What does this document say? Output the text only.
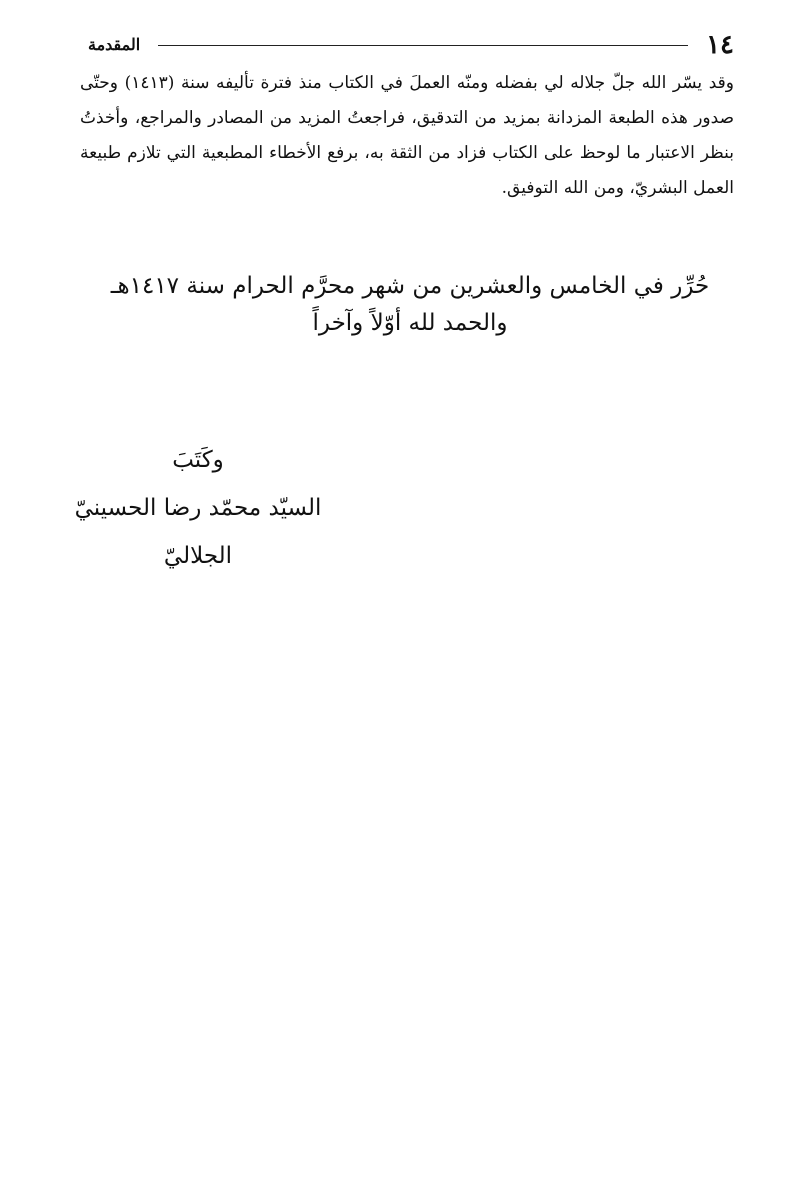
١٤
المقدمة

وقد يسّر الله جلّ جلاله لي بفضله ومنّه العملَ في الكتاب منذ فترة تأليفه سنة (١٤١٣) وحتّى صدور هذه الطبعة المزدانة بمزيد من التدقيق، فراجعتُ المزيد من المصادر والمراجع، وأخذتُ بنظر الاعتبار ما لوحظ على الكتاب فزاد من الثقة به، برفع الأخطاء المطبعية التي تلازم طبيعة العمل البشريّ، ومن الله التوفيق.

حُرِّر في الخامس والعشرين من شهر محرَّم الحرام سنة ١٤١٧هـ
والحمد لله أوّلاً وآخراً
وكَتَبَ
السيّد محمّد رضا الحسينيّ
الجلاليّ
